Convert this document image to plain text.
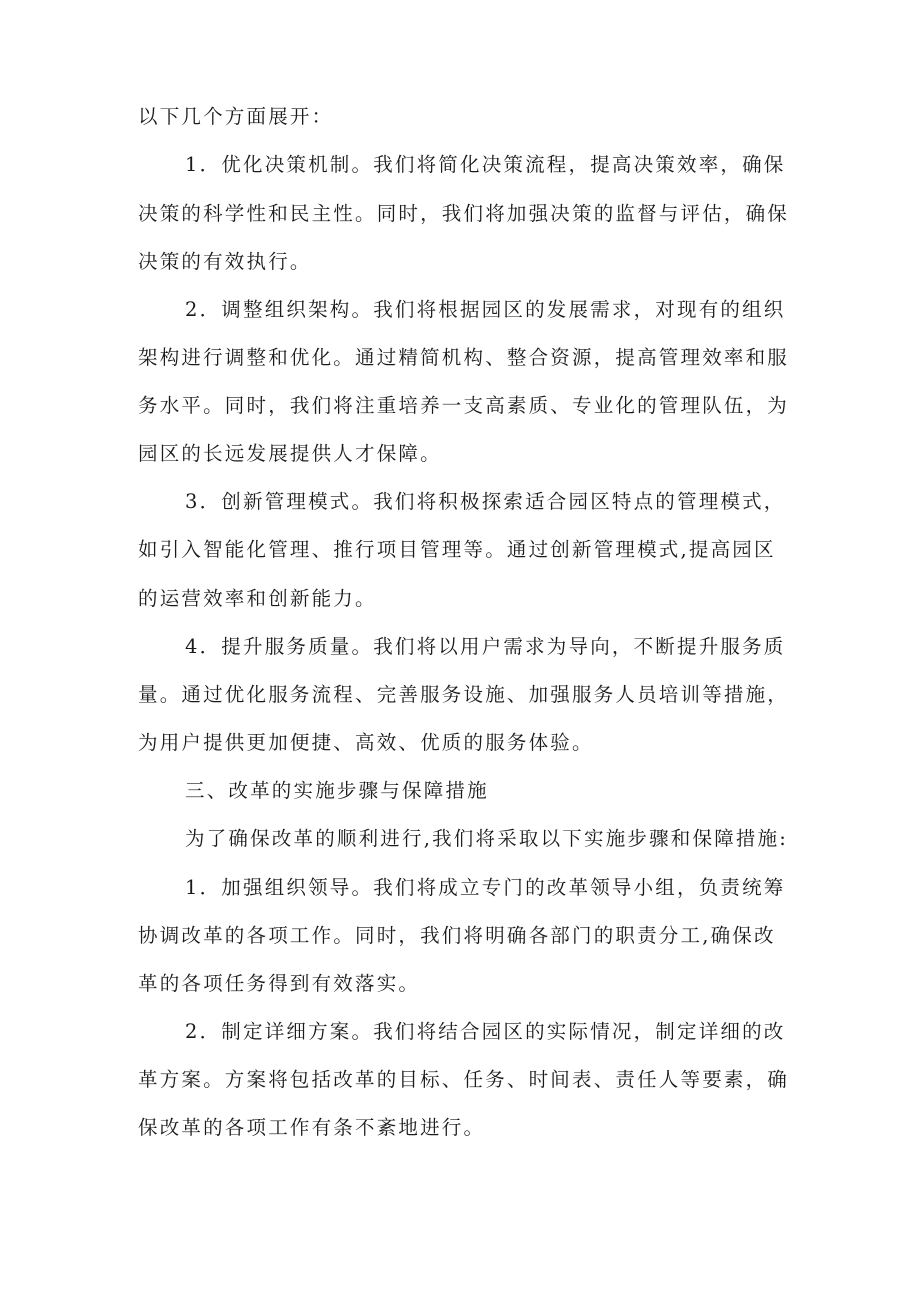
以下几个方面展开：
1．优化决策机制。我们将简化决策流程，提高决策效率，确保
决策的科学性和民主性。同时，我们将加强决策的监督与评估，确保
决策的有效执行。
2．调整组织架构。我们将根据园区的发展需求，对现有的组织
架构进行调整和优化。通过精简机构、整合资源，提高管理效率和服
务水平。同时，我们将注重培养一支高素质、专业化的管理队伍，为
园区的长远发展提供人才保障。
3．创新管理模式。我们将积极探索适合园区特点的管理模式，
如引入智能化管理、推行项目管理等。通过创新管理模式,提高园区
的运营效率和创新能力。
4．提升服务质量。我们将以用户需求为导向，不断提升服务质
量。通过优化服务流程、完善服务设施、加强服务人员培训等措施，
为用户提供更加便捷、高效、优质的服务体验。
三、改革的实施步骤与保障措施
为了确保改革的顺利进行,我们将采取以下实施步骤和保障措施:
1．加强组织领导。我们将成立专门的改革领导小组，负责统筹
协调改革的各项工作。同时，我们将明确各部门的职责分工,确保改
革的各项任务得到有效落实。
2．制定详细方案。我们将结合园区的实际情况，制定详细的改
革方案。方案将包括改革的目标、任务、时间表、责任人等要素，确
保改革的各项工作有条不紊地进行。
